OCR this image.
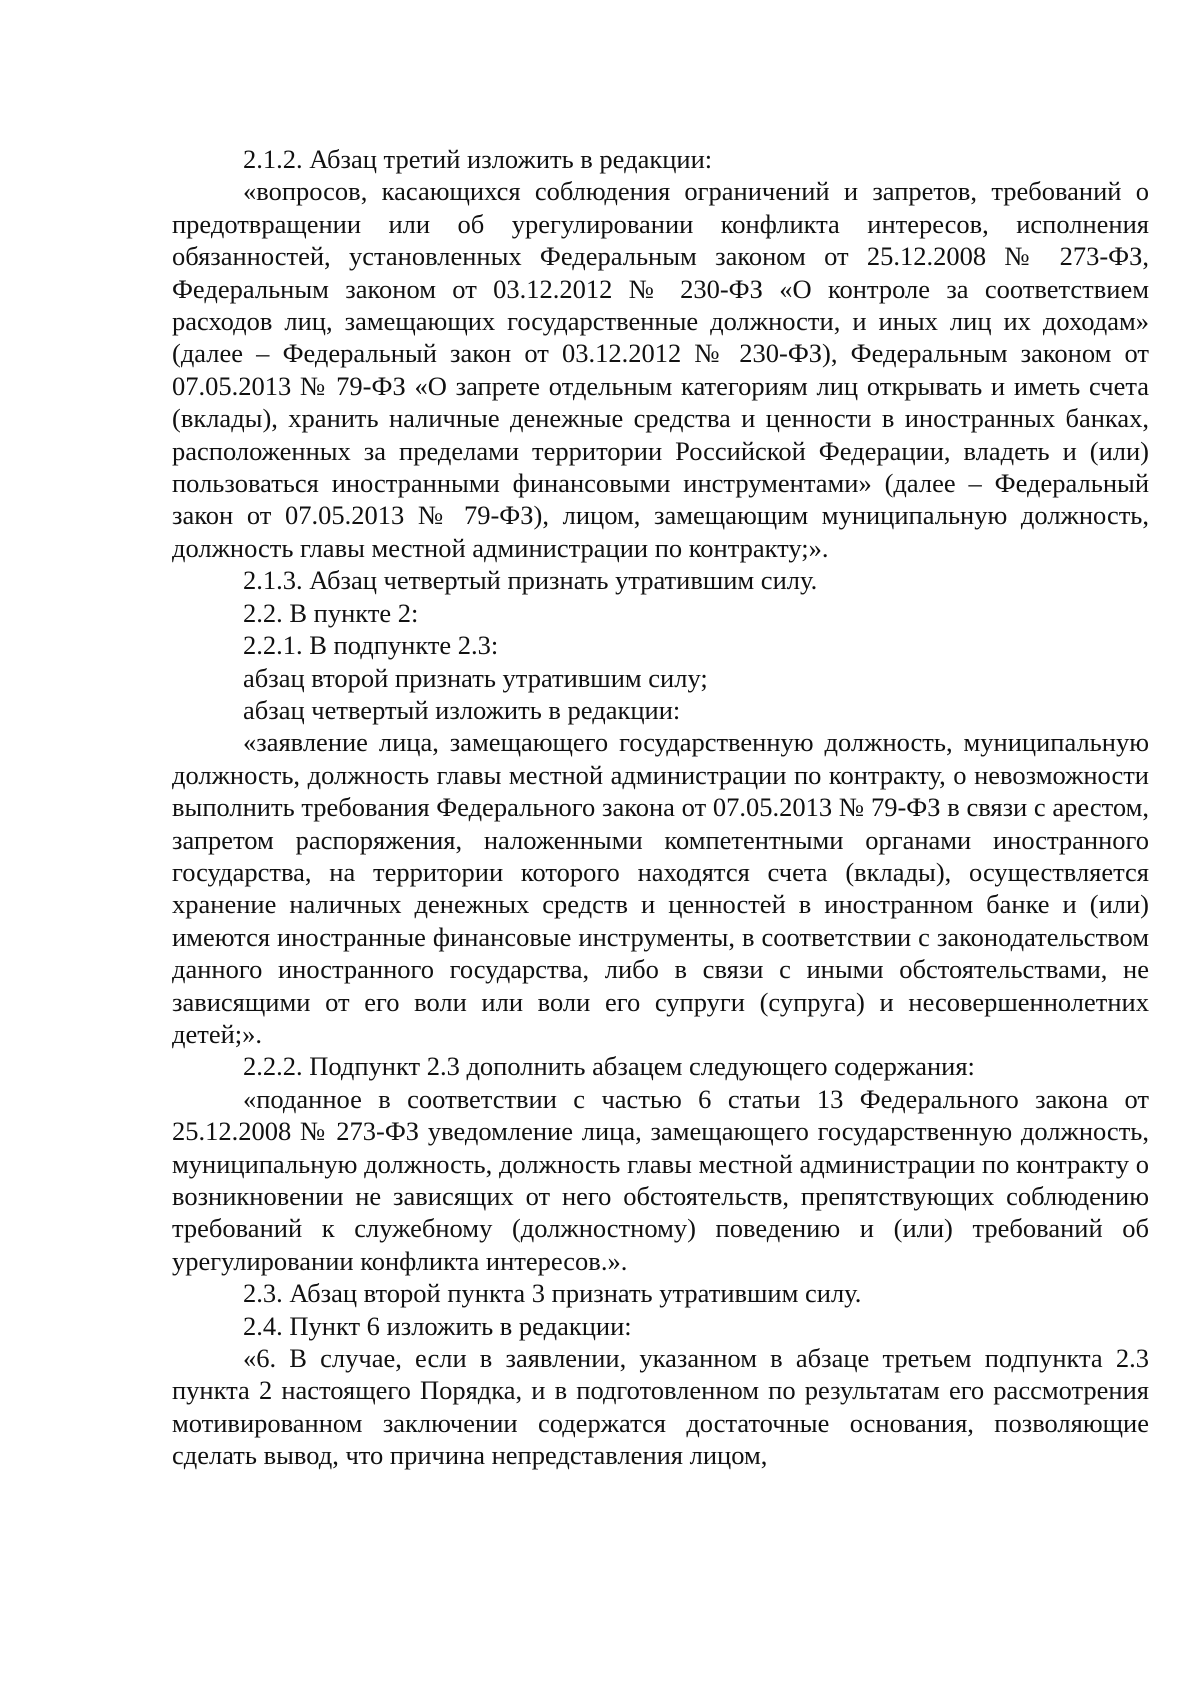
2.1.2. Абзац третий изложить в редакции:

«вопросов, касающихся соблюдения ограничений и запретов, требований о предотвращении или об урегулировании конфликта интересов, исполнения обязанностей, установленных Федеральным законом от 25.12.2008 № 273-ФЗ, Федеральным законом от 03.12.2012 № 230-ФЗ «О контроле за соответствием расходов лиц, замещающих государственные должности, и иных лиц их доходам» (далее – Федеральный закон от 03.12.2012 № 230-ФЗ), Федеральным законом от 07.05.2013 № 79-ФЗ «О запрете отдельным категориям лиц открывать и иметь счета (вклады), хранить наличные денежные средства и ценности в иностранных банках, расположенных за пределами территории Российской Федерации, владеть и (или) пользоваться иностранными финансовыми инструментами» (далее – Федеральный закон от 07.05.2013 № 79-ФЗ), лицом, замещающим муниципальную должность, должность главы местной администрации по контракту;».

2.1.3. Абзац четвертый признать утратившим силу.

2.2. В пункте 2:

2.2.1. В подпункте 2.3:

абзац второй признать утратившим силу;

абзац четвертый изложить в редакции:

«заявление лица, замещающего государственную должность, муниципальную должность, должность главы местной администрации по контракту, о невозможности выполнить требования Федерального закона от 07.05.2013 № 79-ФЗ в связи с арестом, запретом распоряжения, наложенными компетентными органами иностранного государства, на территории которого находятся счета (вклады), осуществляется хранение наличных денежных средств и ценностей в иностранном банке и (или) имеются иностранные финансовые инструменты, в соответствии с законодательством данного иностранного государства, либо в связи с иными обстоятельствами, не зависящими от его воли или воли его супруги (супруга) и несовершеннолетних детей;».

2.2.2. Подпункт 2.3 дополнить абзацем следующего содержания:

«поданное в соответствии с частью 6 статьи 13 Федерального закона от 25.12.2008 № 273-ФЗ уведомление лица, замещающего государственную должность, муниципальную должность, должность главы местной администрации по контракту о возникновении не зависящих от него обстоятельств, препятствующих соблюдению требований к служебному (должностному) поведению и (или) требований об урегулировании конфликта интересов.».

2.3. Абзац второй пункта 3 признать утратившим силу.

2.4. Пункт 6 изложить в редакции:

«6. В случае, если в заявлении, указанном в абзаце третьем подпункта 2.3 пункта 2 настоящего Порядка, и в подготовленном по результатам его рассмотрения мотивированном заключении содержатся достаточные основания, позволяющие сделать вывод, что причина непредставления лицом,
